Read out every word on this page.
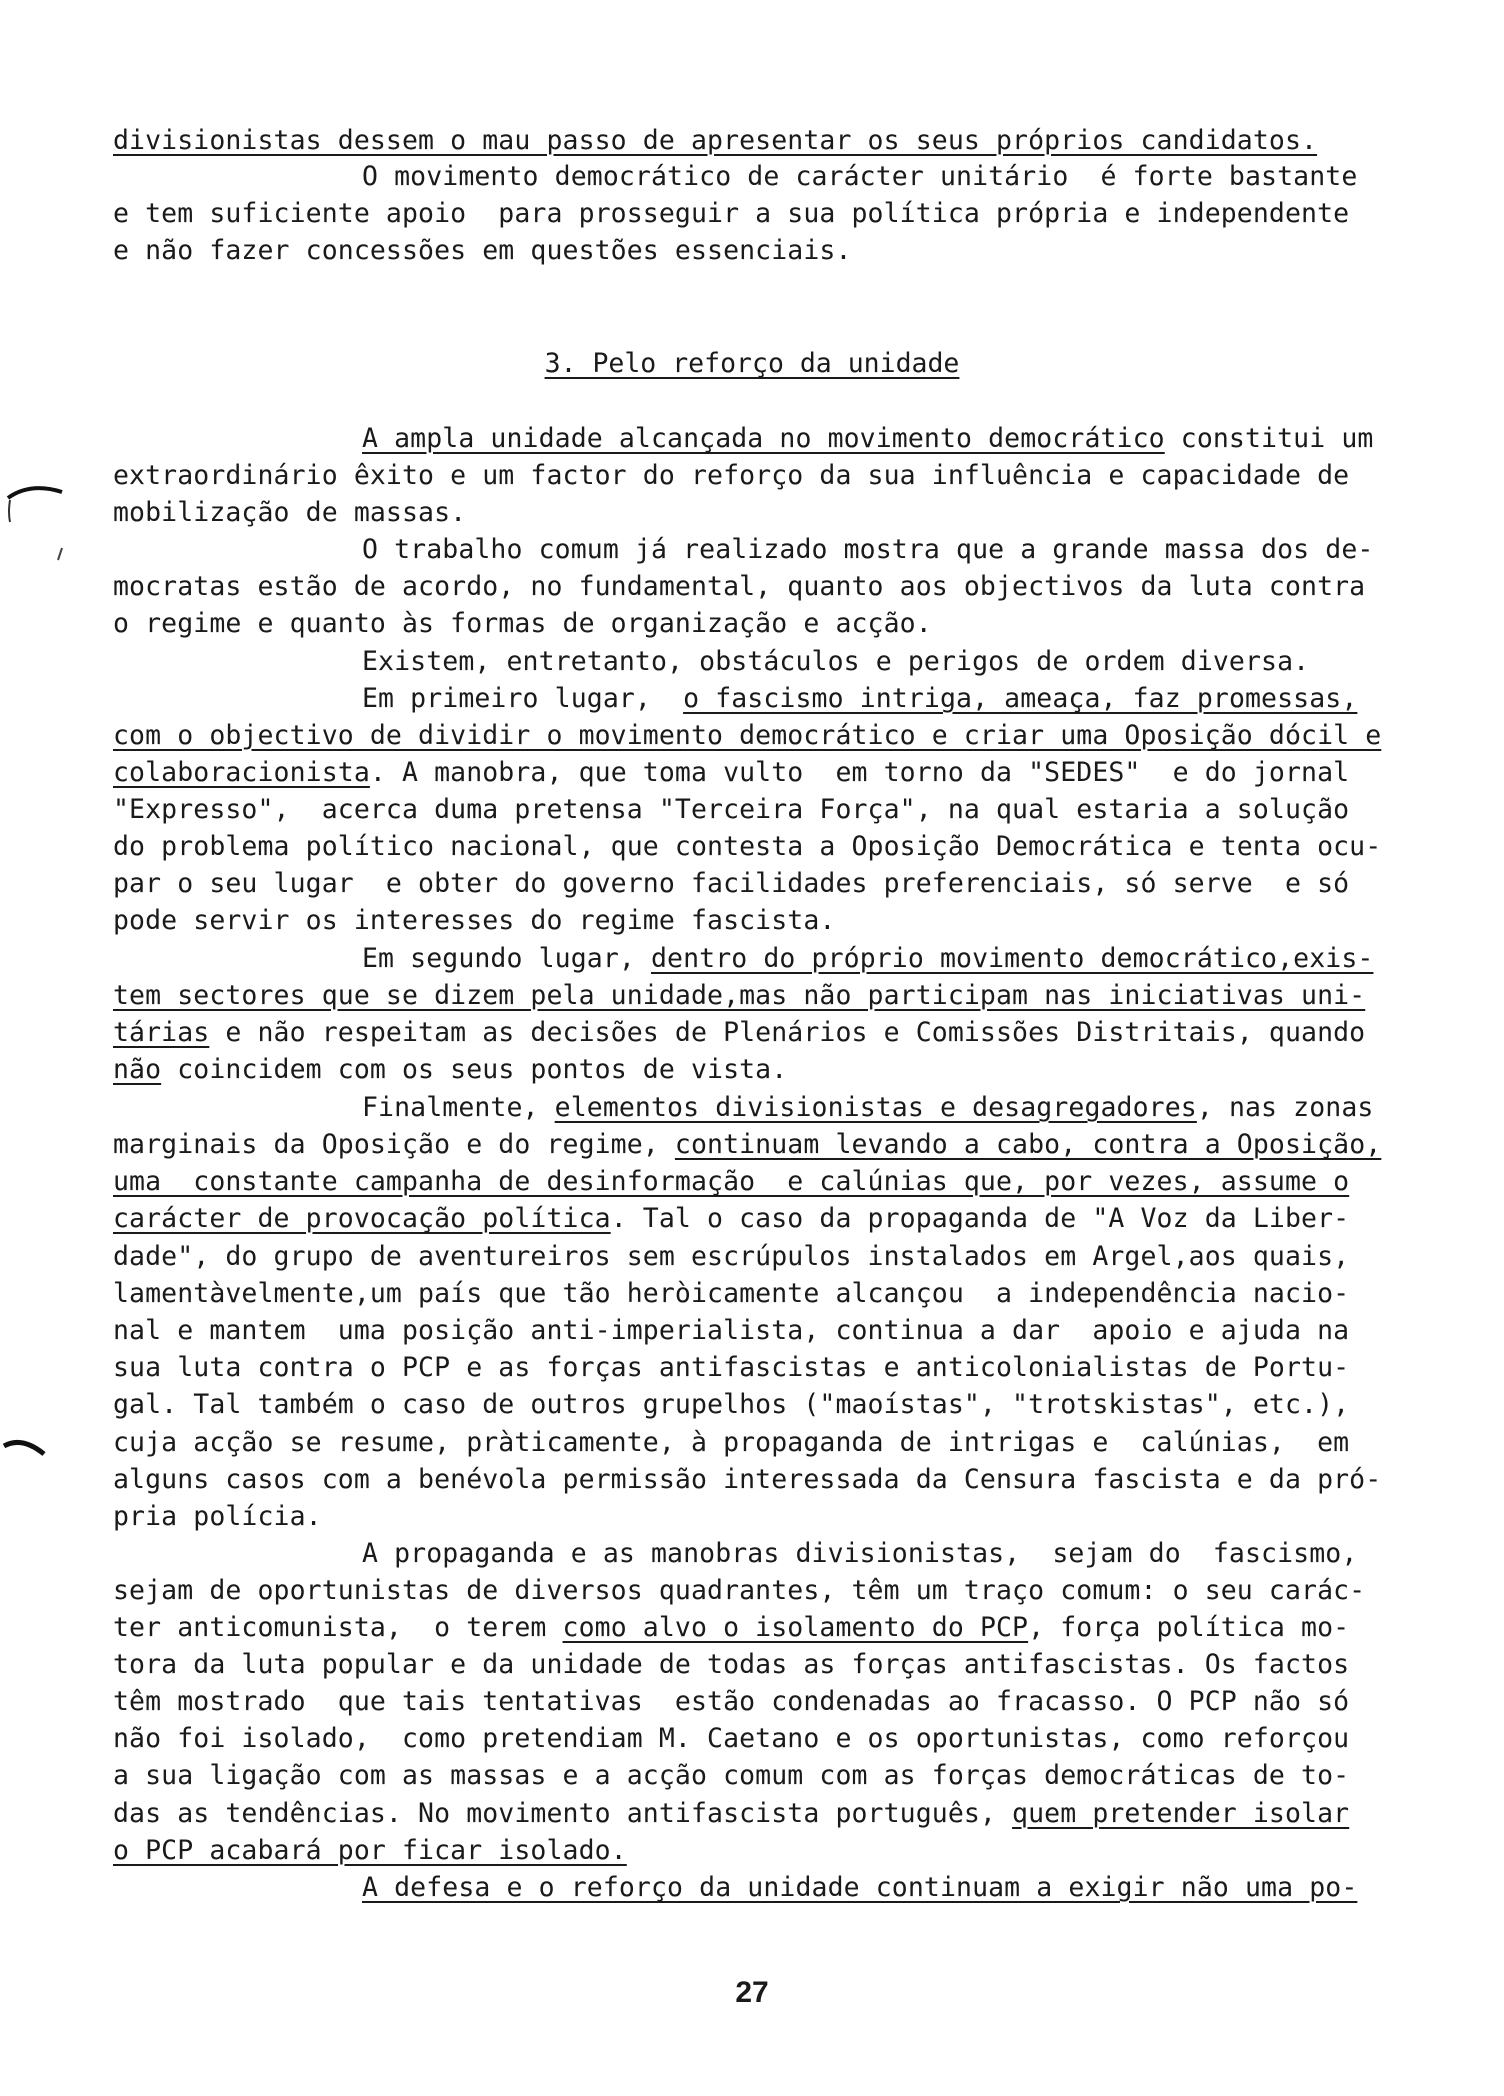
divisionistas dessem o mau passo de apresentar os seus próprios candidatos.
O movimento democrático de carácter unitário  é forte bastante
e tem suficiente apoio  para prosseguir a sua política própria e independente
e não fazer concessões em questões essenciais.
A ampla unidade alcançada no movimento democrático constitui um
extraordinário êxito e um factor do reforço da sua influência e capacidade de
mobilização de massas.
O trabalho comum já realizado mostra que a grande massa dos de-
mocratas estão de acordo, no fundamental, quanto aos objectivos da luta contra
o regime e quanto às formas de organização e acção.
Existem, entretanto, obstáculos e perigos de ordem diversa.
Em primeiro lugar,  o fascismo intriga, ameaça, faz promessas,
com o objectivo de dividir o movimento democrático e criar uma Oposição dócil e
colaboracionista. A manobra, que toma vulto  em torno da "SEDES"  e do jornal
"Expresso",  acerca duma pretensa "Terceira Força", na qual estaria a solução
do problema político nacional, que contesta a Oposição Democrática e tenta ocu-
par o seu lugar  e obter do governo facilidades preferenciais, só serve  e só
pode servir os interesses do regime fascista.
Em segundo lugar, dentro do próprio movimento democrático,exis-
tem sectores que se dizem pela unidade,mas não participam nas iniciativas uni-
tárias e não respeitam as decisões de Plenários e Comissões Distritais, quando
não coincidem com os seus pontos de vista.
Finalmente, elementos divisionistas e desagregadores, nas zonas
marginais da Oposição e do regime, continuam levando a cabo, contra a Oposição,
uma  constante campanha de desinformação  e calúnias que, por vezes, assume o
carácter de provocação política. Tal o caso da propaganda de "A Voz da Liber-
dade", do grupo de aventureiros sem escrúpulos instalados em Argel,aos quais,
lamentàvelmente,um país que tão heròicamente alcançou  a independência nacio-
nal e mantem  uma posição anti-imperialista, continua a dar  apoio e ajuda na
sua luta contra o PCP e as forças antifascistas e anticolonialistas de Portu-
gal. Tal também o caso de outros grupelhos ("maoístas", "trotskistas", etc.),
cuja acção se resume, pràticamente, à propaganda de intrigas e  calúnias,  em
alguns casos com a benévola permissão interessada da Censura fascista e da pró-
pria polícia.
A propaganda e as manobras divisionistas,  sejam do  fascismo,
sejam de oportunistas de diversos quadrantes, têm um traço comum: o seu carác-
ter anticomunista,  o terem como alvo o isolamento do PCP, força política mo-
tora da luta popular e da unidade de todas as forças antifascistas. Os factos
têm mostrado  que tais tentativas  estão condenadas ao fracasso. O PCP não só
não foi isolado,  como pretendiam M. Caetano e os oportunistas, como reforçou
a sua ligação com as massas e a acção comum com as forças democráticas de to-
das as tendências. No movimento antifascista português, quem pretender isolar
o PCP acabará por ficar isolado.
A defesa e o reforço da unidade continuam a exigir não uma po-
3. Pelo reforço da unidade
27
